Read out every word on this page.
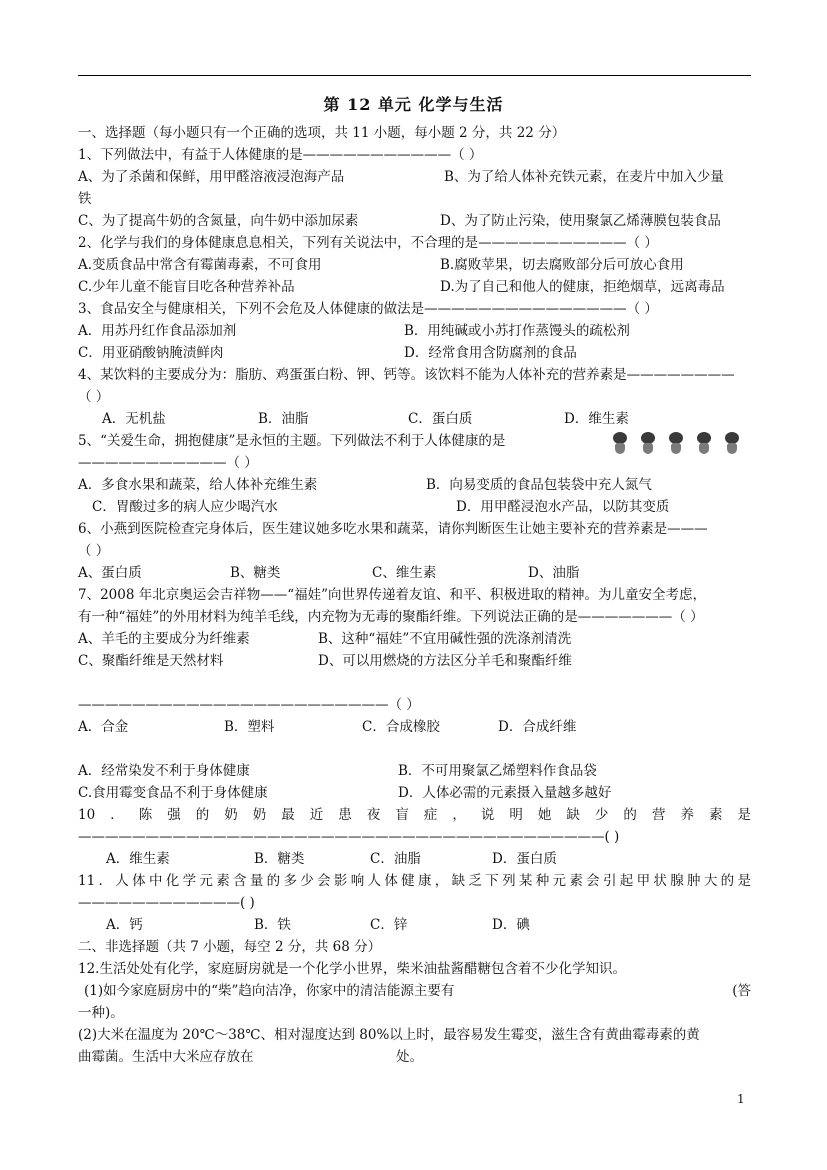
第 12 单元 化学与生活
一、选择题（每小题只有一个正确的选项，共 11 小题，每小题 2 分，共 22 分）
1、下列做法中，有益于人体健康的是———————————（ ）
A、为了杀菌和保鲜，用甲醛溶液浸泡海产品	B、为了给人体补充铁元素，在麦片中加入少量
铁
C、为了提高牛奶的含氮量，向牛奶中添加尿素	D、为了防止污染，使用聚氯乙烯薄膜包装食品
2、化学与我们的身体健康息息相关，下列有关说法中，不合理的是———————————（ ）
A.变质食品中常含有霉菌毒素，不可食用	B.腐败苹果，切去腐败部分后可放心食用
C.少年儿童不能盲目吃各种营养补品	D.为了自己和他人的健康，拒绝烟草，远离毒品
3、食品安全与健康相关，下列不会危及人体健康的做法是———————————————（ ）
A．用苏丹红作食品添加剂	B．用纯碱或小苏打作蒸馒头的疏松剂
C．用亚硝酸钠腌渍鲜肉	D．经常食用含防腐剂的食品
4、某饮料的主要成分为：脂肪、鸡蛋蛋白粉、钾、钙等。该饮料不能为人体补充的营养素是————————
（ ）
A．无机盐	B．油脂	C．蛋白质	D．维生素
5、“关爱生命，拥抱健康”是永恒的主题。下列做法不利于人体健康的是
———————————（ ）
A．多食水果和蔬菜，给人体补充维生素	B．向易变质的食品包装袋中充人氮气
C．胃酸过多的病人应少喝汽水	D．用甲醛浸泡水产品，以防其变质
6、小燕到医院检查完身体后，医生建议她多吃水果和蔬菜，请你判断医生让她主要补充的营养素是———
（ ）
A、蛋白质	B、糖类	C、维生素	D、油脂
7、2008 年北京奥运会吉祥物——“福娃”向世界传递着友谊、和平、积极进取的精神。为儿童安全考虑，
有一种“福娃”的外用材料为纯羊毛线，内充物为无毒的聚酯纤维。下列说法正确的是———————（ ）
A、羊毛的主要成分为纤维素	B、这种“福娃”不宜用碱性强的洗涤剂清洗
C、聚酯纤维是天然材料	D、可以用燃烧的方法区分羊毛和聚酯纤维
———————————————————————（ ）
A．合金	B．塑料	C．合成橡胶	D．合成纤维
A．经常染发不利于身体健康	B．不可用聚氯乙烯塑料作食品袋
C.食用霉变食品不利于身体健康	D．人体必需的元素摄入量越多越好
10．陈强的奶奶最近患夜盲症，说明她缺少的营养素是
———————————————————————————————————————( )
A．维生素	B．糖类	C．油脂	D．蛋白质
11．人体中化学元素含量的多少会影响人体健康，缺乏下列某种元素会引起甲状腺肿大的是
————————————( )
A．钙	B．铁	C．锌	D．碘
二、非选择题（共 7 小题，每空 2 分，共 68 分）
12.生活处处有化学，家庭厨房就是一个化学小世界，柴米油盐酱醋糖包含着不少化学知识。
(1)如今家庭厨房中的“柴”趋向洁净，你家中的清洁能源主要有	(答
一种)。
(2)大米在温度为 20℃～38℃、相对湿度达到 80%以上时，最容易发生霉变，滋生含有黄曲霉毒素的黄
曲霉菌。生活中大米应存放在	处。
1
